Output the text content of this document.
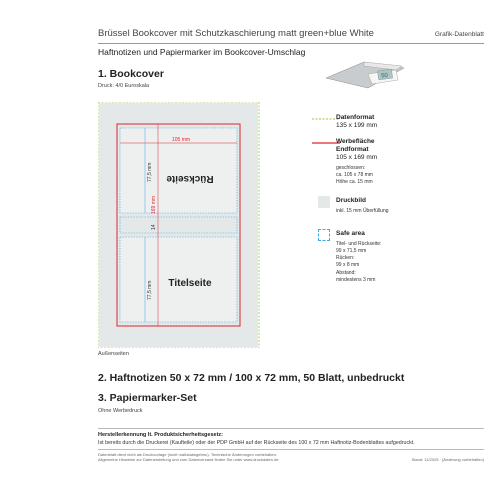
Brüssel Bookcover mit Schutzkaschierung matt green+blue White	Grafik-Datenblatt
Haftnotizen und Papiermarker im Bookcover-Umschlag
50
1. Bookcover
Druck: 4/0 Euroskala
105 mm
169 mm
77,5 mm
77,5 mm
14
Rückseite
Titelseite
Außenseiten
Datenformat
135 x 199 mm
Werbefläche
Endformat
105 x 169 mm
geschlossen:
ca. 105 x 78 mm
Höhe ca. 15 mm
Druckbild
inkl. 15 mm Überfüllung
Safe area
Titel- und Rückseite:
99 x 71,5 mm
Rücken:
99 x 8 mm
Abstand:
mindestens 3 mm
2. Haftnotizen 50 x 72 mm / 100 x 72 mm, 50 Blatt, unbedruckt
3. Papiermarker-Set
Ohne Werbedruck
Herstellerkennung lt. Produktsicherheitsgesetz:
Ist bereits durch die Druckerei (Kaufteile) oder der PDP GmbH auf der Rückseite des 100 x 72 mm Haftnotiz-Bodenblattes aufgedruckt.
Datenblatt dient nicht als Druckvorlage (nicht maßstabsgetreu). Technische Änderungen vorbehalten.
Allgemeine Hinweise zur Datenerstellung und zum Datenversand finden Sie unter www.druckdaten.de	Stand: 11/2025 · (Änderung vorbehalten)
